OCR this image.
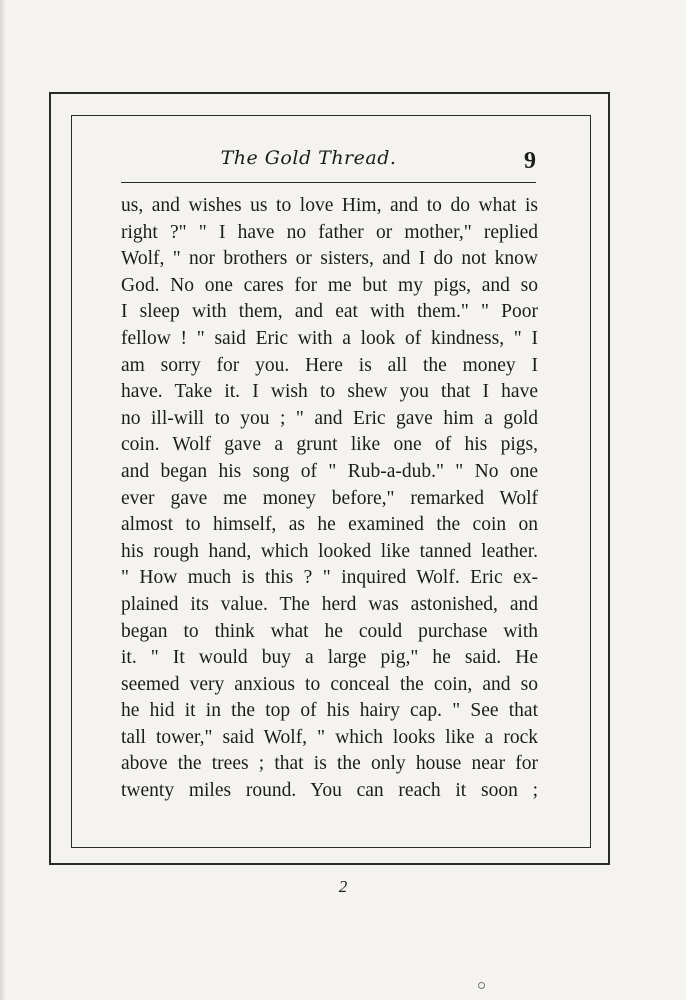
The Gold Thread.	9
us, and wishes us to love Him, and to do what is
right ?" " I have no father or mother," replied
Wolf, " nor brothers or sisters, and I do not know
God. No one cares for me but my pigs, and so
I sleep with them, and eat with them." " Poor
fellow ! " said Eric with a look of kindness, " I
am sorry for you. Here is all the money I
have. Take it. I wish to shew you that I have
no ill-will to you ; " and Eric gave him a gold
coin. Wolf gave a grunt like one of his pigs,
and began his song of " Rub-a-dub." " No one
ever gave me money before," remarked Wolf
almost to himself, as he examined the coin on
his rough hand, which looked like tanned leather.
" How much is this ? " inquired Wolf. Eric ex-
plained its value. The herd was astonished, and
began to think what he could purchase with
it. " It would buy a large pig," he said. He
seemed very anxious to conceal the coin, and so
he hid it in the top of his hairy cap. " See that
tall tower," said Wolf, " which looks like a rock
above the trees ; that is the only house near for
twenty miles round. You can reach it soon ;
2
